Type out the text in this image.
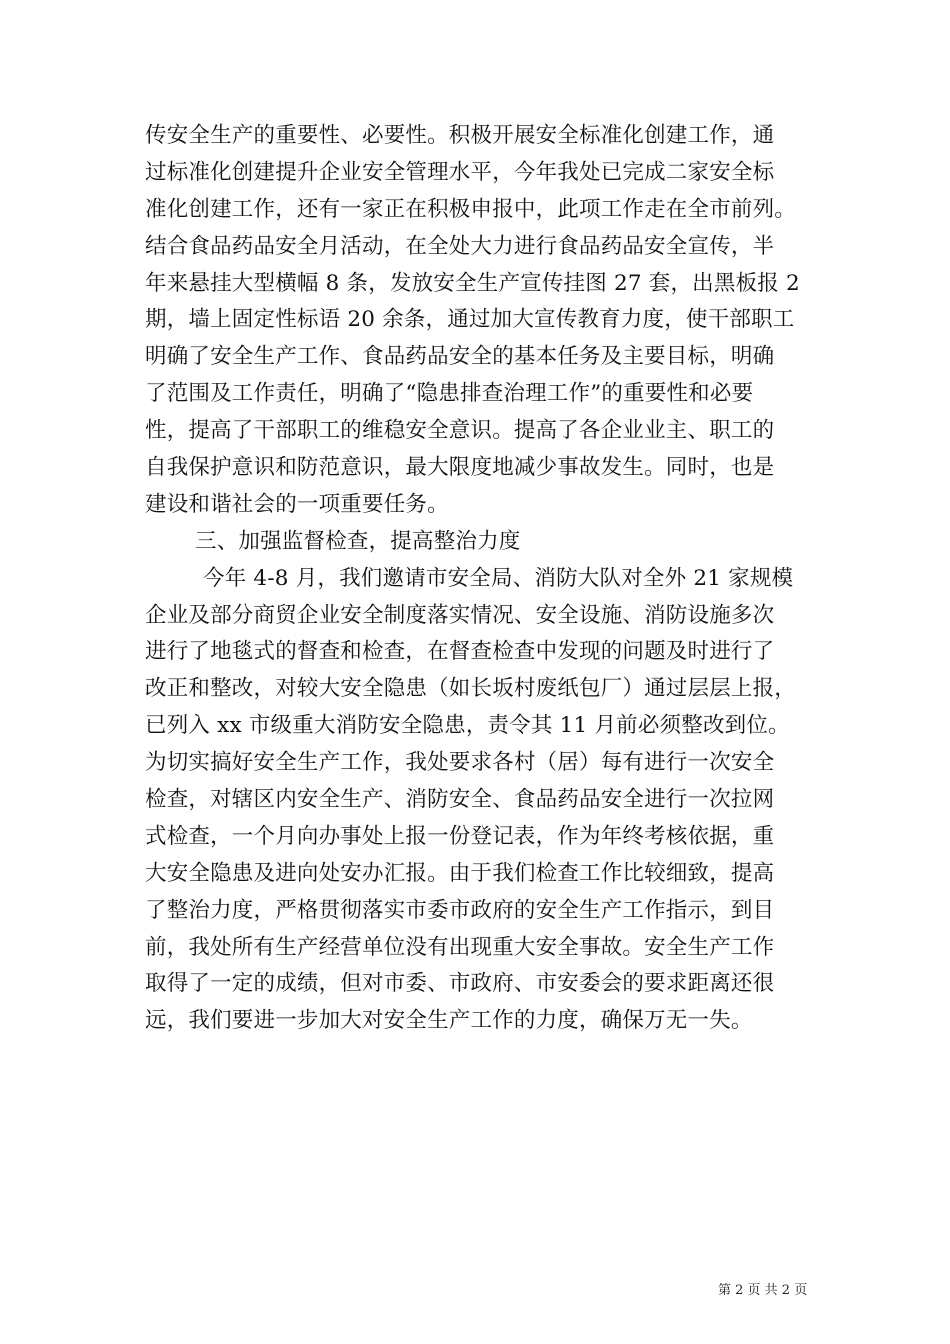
传安全生产的重要性、必要性。积极开展安全标准化创建工作，通
过标准化创建提升企业安全管理水平，今年我处已完成二家安全标
准化创建工作，还有一家正在积极申报中，此项工作走在全市前列。
结合食品药品安全月活动，在全处大力进行食品药品安全宣传，半
年来悬挂大型横幅 8 条，发放安全生产宣传挂图 27 套，出黑板报 2
期，墙上固定性标语 20 余条，通过加大宣传教育力度，使干部职工
明确了安全生产工作、食品药品安全的基本任务及主要目标，明确
了范围及工作责任，明确了“隐患排查治理工作”的重要性和必要
性，提高了干部职工的维稳安全意识。提高了各企业业主、职工的
自我保护意识和防范意识，最大限度地减少事故发生。同时，也是
建设和谐社会的一项重要任务。
三、加强监督检查，提高整治力度
今年 4-8 月，我们邀请市安全局、消防大队对全外 21 家规模
企业及部分商贸企业安全制度落实情况、安全设施、消防设施多次
进行了地毯式的督查和检查，在督查检查中发现的问题及时进行了
改正和整改，对较大安全隐患（如长坂村废纸包厂）通过层层上报，
已列入 xx 市级重大消防安全隐患，责令其 11 月前必须整改到位。
为切实搞好安全生产工作，我处要求各村（居）每有进行一次安全
检查，对辖区内安全生产、消防安全、食品药品安全进行一次拉网
式检查，一个月向办事处上报一份登记表，作为年终考核依据，重
大安全隐患及进向处安办汇报。由于我们检查工作比较细致，提高
了整治力度，严格贯彻落实市委市政府的安全生产工作指示，到目
前，我处所有生产经营单位没有出现重大安全事故。安全生产工作
取得了一定的成绩，但对市委、市政府、市安委会的要求距离还很
远，我们要进一步加大对安全生产工作的力度，确保万无一失。
第 2 页 共 2 页
